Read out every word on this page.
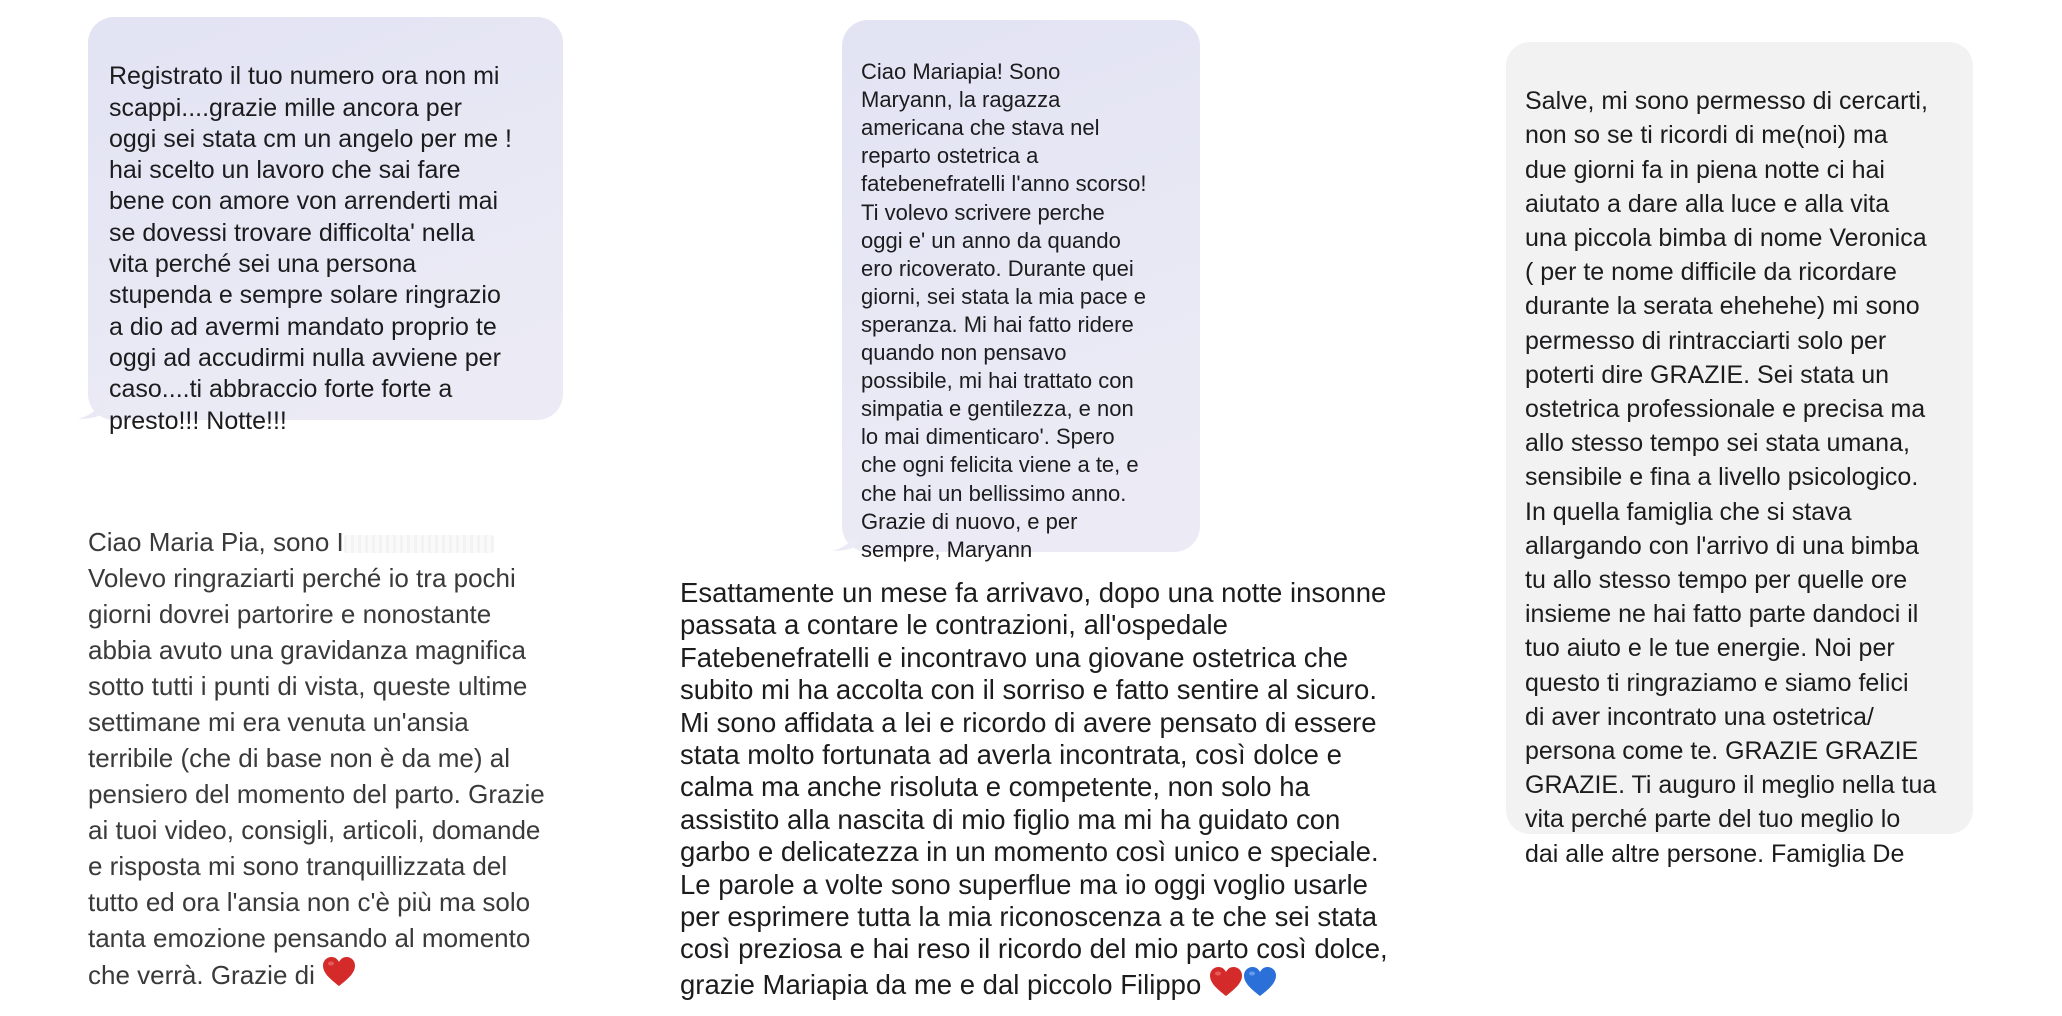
Registrato il tuo numero ora non mi
scappi....grazie mille ancora per
oggi sei stata cm un angelo per me !
hai scelto un lavoro che sai fare
bene con amore von arrenderti mai
se dovessi trovare difficolta' nella
vita perché sei una persona
stupenda e sempre solare ringrazio
a dio ad avermi mandato proprio te
oggi ad accudirmi nulla avviene per
caso....ti abbraccio forte forte a
presto!!! Notte!!!

Ciao Mariapia! Sono
Maryann, la ragazza
americana che stava nel
reparto ostetrica a
fatebenefratelli l'anno scorso!
Ti volevo scrivere perche
oggi e' un anno da quando
ero ricoverato. Durante quei
giorni, sei stata la mia pace e
speranza. Mi hai fatto ridere
quando non pensavo
possibile, mi hai trattato con
simpatia e gentilezza, e non
lo mai dimenticaro'. Spero
che ogni felicita viene a te, e
che hai un bellissimo anno.
Grazie di nuovo, e per
sempre, Maryann

Salve, mi sono permesso di cercarti,
non so se ti ricordi di me(noi) ma
due giorni fa in piena notte ci hai
aiutato a dare alla luce e alla vita
una piccola bimba di nome Veronica
( per te nome difficile da ricordare
durante la serata ehehehe) mi sono
permesso di rintracciarti solo per
poterti dire GRAZIE. Sei stata un
ostetrica professionale e precisa ma
allo stesso tempo sei stata umana,
sensibile e fina a livello psicologico.
In quella famiglia che si stava
allargando con l'arrivo di una bimba
tu allo stesso tempo per quelle ore
insieme ne hai fatto parte dandoci il
tuo aiuto e le tue energie. Noi per
questo ti ringraziamo e siamo felici
di aver incontrato una ostetrica/
persona come te. GRAZIE GRAZIE
GRAZIE. Ti auguro il meglio nella tua
vita perché parte del tuo meglio lo
dai alle altre persone. Famiglia De

Ciao Maria Pia, sono I
Volevo ringraziarti perché io tra pochi
giorni dovrei partorire e nonostante
abbia avuto una gravidanza magnifica
sotto tutti i punti di vista, queste ultime
settimane mi era venuta un'ansia
terribile (che di base non è da me) al
pensiero del momento del parto. Grazie
ai tuoi video, consigli, articoli, domande
e risposta mi sono tranquillizzata del
tutto ed ora l'ansia non c'è più ma solo
tanta emozione pensando al momento
che verrà. Grazie di

Esattamente un mese fa arrivavo, dopo una notte insonne
passata a contare le contrazioni, all'ospedale
Fatebenefratelli e incontravo una giovane ostetrica che
subito mi ha accolta con il sorriso e fatto sentire al sicuro.
Mi sono affidata a lei e ricordo di avere pensato di essere
stata molto fortunata ad averla incontrata, così dolce e
calma ma anche risoluta e competente, non solo ha
assistito alla nascita di mio figlio ma mi ha guidato con
garbo e delicatezza in un momento così unico e speciale.
Le parole a volte sono superflue ma io oggi voglio usarle
per esprimere tutta la mia riconoscenza a te che sei stata
così preziosa e hai reso il ricordo del mio parto così dolce,
grazie Mariapia da me e dal piccolo Filippo
